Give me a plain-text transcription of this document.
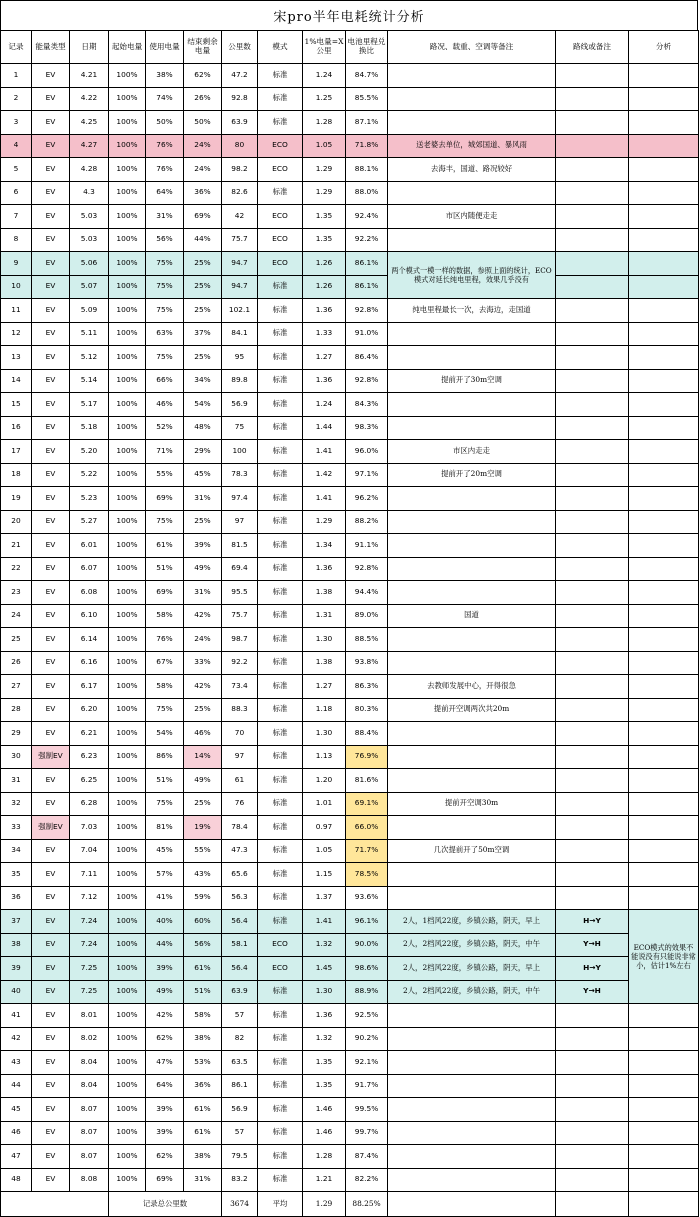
宋pro半年电耗统计分析
记录	能量类型	日期	起始电量	使用电量	结束剩余电量	公里数	模式	1%电量=X公里	电池里程兑换比	路况、载重、空调等备注	路线或备注	分析
1	EV	4.21	100%	38%	62%	47.2	标准	1.24	84.7%			
2	EV	4.22	100%	74%	26%	92.8	标准	1.25	85.5%			
3	EV	4.25	100%	50%	50%	63.9	标准	1.28	87.1%			
4	EV	4.27	100%	76%	24%	80	ECO	1.05	71.8%	送老婆去单位，城郊国道、暴风雨		
5	EV	4.28	100%	76%	24%	98.2	ECO	1.29	88.1%	去海丰，国道、路况较好		
6	EV	4.3	100%	64%	36%	82.6	标准	1.29	88.0%			
7	EV	5.03	100%	31%	69%	42	ECO	1.35	92.4%	市区内随便走走		
8	EV	5.03	100%	56%	44%	75.7	ECO	1.35	92.2%			
9	EV	5.06	100%	75%	25%	94.7	ECO	1.26	86.1%	两个模式一模一样的数据，参照上面的统计，ECO模式对延长纯电里程，效果几乎没有		
10	EV	5.07	100%	75%	25%	94.7	标准	1.26	86.1%			
11	EV	5.09	100%	75%	25%	102.1	标准	1.36	92.8%	纯电里程最长一次，去海边，走国道		
12	EV	5.11	100%	63%	37%	84.1	标准	1.33	91.0%			
13	EV	5.12	100%	75%	25%	95	标准	1.27	86.4%			
14	EV	5.14	100%	66%	34%	89.8	标准	1.36	92.8%	提前开了30m空调		
15	EV	5.17	100%	46%	54%	56.9	标准	1.24	84.3%			
16	EV	5.18	100%	52%	48%	75	标准	1.44	98.3%			
17	EV	5.20	100%	71%	29%	100	标准	1.41	96.0%	市区内走走		
18	EV	5.22	100%	55%	45%	78.3	标准	1.42	97.1%	提前开了20m空调		
19	EV	5.23	100%	69%	31%	97.4	标准	1.41	96.2%			
20	EV	5.27	100%	75%	25%	97	标准	1.29	88.2%			
21	EV	6.01	100%	61%	39%	81.5	标准	1.34	91.1%			
22	EV	6.07	100%	51%	49%	69.4	标准	1.36	92.8%			
23	EV	6.08	100%	69%	31%	95.5	标准	1.38	94.4%			
24	EV	6.10	100%	58%	42%	75.7	标准	1.31	89.0%	国道		
25	EV	6.14	100%	76%	24%	98.7	标准	1.30	88.5%			
26	EV	6.16	100%	67%	33%	92.2	标准	1.38	93.8%			
27	EV	6.17	100%	58%	42%	73.4	标准	1.27	86.3%	去教师发展中心，开得很急		
28	EV	6.20	100%	75%	25%	88.3	标准	1.18	80.3%	提前开空调两次共20m		
29	EV	6.21	100%	54%	46%	70	标准	1.30	88.4%			
30	强制EV	6.23	100%	86%	14%	97	标准	1.13	76.9%			
31	EV	6.25	100%	51%	49%	61	标准	1.20	81.6%			
32	EV	6.28	100%	75%	25%	76	标准	1.01	69.1%	提前开空调30m		
33	强制EV	7.03	100%	81%	19%	78.4	标准	0.97	66.0%			
34	EV	7.04	100%	45%	55%	47.3	标准	1.05	71.7%	几次提前开了50m空调		
35	EV	7.11	100%	57%	43%	65.6	标准	1.15	78.5%			
36	EV	7.12	100%	41%	59%	56.3	标准	1.37	93.6%			
37	EV	7.24	100%	40%	60%	56.4	标准	1.41	96.1%	2人，1档风22度，乡镇公路，阴天，早上	H→Y	ECO模式的效果不能说没有只能说非常小，估计1%左右
38	EV	7.24	100%	44%	56%	58.1	ECO	1.32	90.0%	2人，2档风22度，乡镇公路，阴天，中午	Y→H	
39	EV	7.25	100%	39%	61%	56.4	ECO	1.45	98.6%	2人，2档风22度，乡镇公路，阴天，早上	H→Y	
40	EV	7.25	100%	49%	51%	63.9	标准	1.30	88.9%	2人，2档风22度，乡镇公路，阴天，中午	Y→H	
41	EV	8.01	100%	42%	58%	57	标准	1.36	92.5%			
42	EV	8.02	100%	62%	38%	82	标准	1.32	90.2%			
43	EV	8.04	100%	47%	53%	63.5	标准	1.35	92.1%			
44	EV	8.04	100%	64%	36%	86.1	标准	1.35	91.7%			
45	EV	8.07	100%	39%	61%	56.9	标准	1.46	99.5%			
46	EV	8.07	100%	39%	61%	57	标准	1.46	99.7%			
47	EV	8.07	100%	62%	38%	79.5	标准	1.28	87.4%			
48	EV	8.08	100%	69%	31%	83.2	标准	1.21	82.2%			
			记录总公里数			3674	平均	1.29	88.25%			
